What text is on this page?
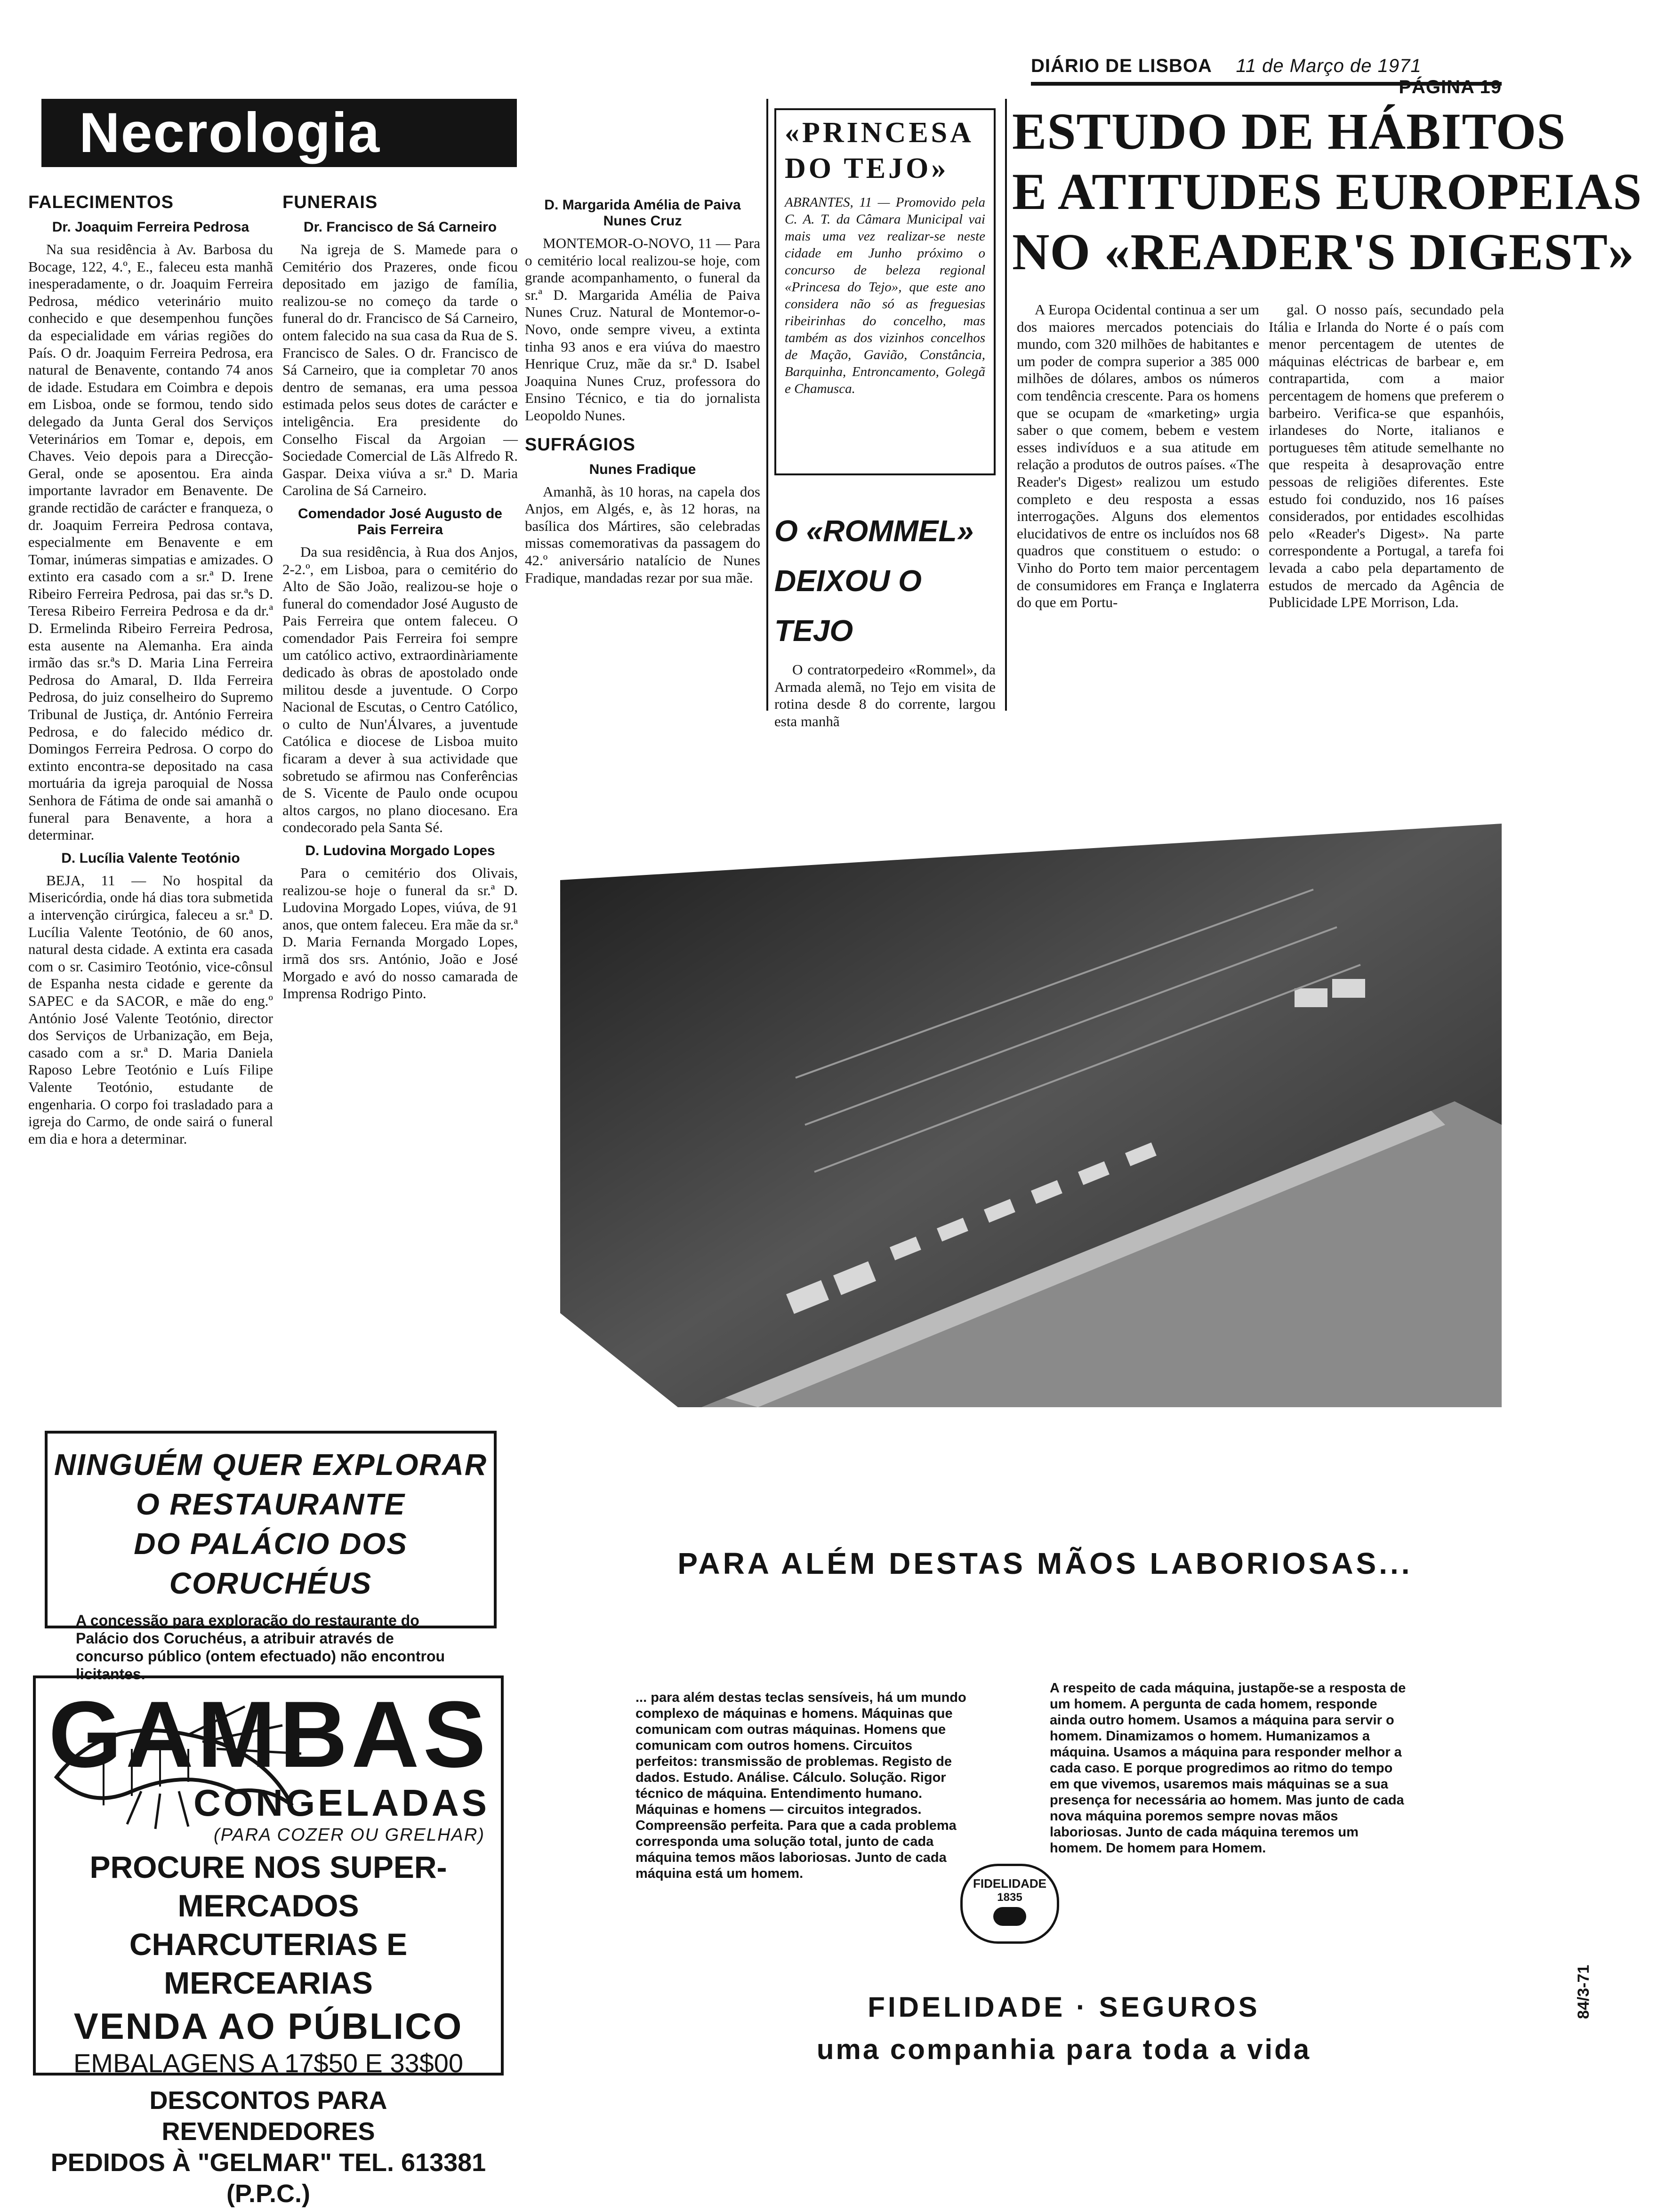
DIÁRIO DE LISBOA 11 de Março de 1971
PÁGINA 19
Necrologia
FALECIMENTOS
Dr. Joaquim Ferreira Pedrosa

Na sua residência à Av. Barbosa du Bocage, 122, 4.º, E., faleceu esta manhã inesperadamente, o dr. Joaquim Ferreira Pedrosa, médico veterinário muito conhecido e que desempenhou funções da especialidade em várias regiões do País. O dr. Joaquim Ferreira Pedrosa, era natural de Benavente, contando 74 anos de idade. Estudara em Coimbra e depois em Lisboa, onde se formou, tendo sido delegado da Junta Geral dos Serviços Veterinários em Tomar e, depois, em Chaves. Veio depois para a Direcção-Geral, onde se aposentou. Era ainda importante lavrador em Benavente. De grande rectidão de carácter e franqueza, o dr. Joaquim Ferreira Pedrosa contava, especialmente em Benavente e em Tomar, inúmeras simpatias e amizades. O extinto era casado com a sr.ª D. Irene Ribeiro Ferreira Pedrosa, pai das sr.ªs D. Teresa Ribeiro Ferreira Pedrosa e da dr.ª D. Ermelinda Ribeiro Ferreira Pedrosa, esta ausente na Alemanha. Era ainda irmão das sr.ªs D. Maria Lina Ferreira Pedrosa do Amaral, D. Ilda Ferreira Pedrosa, do juiz conselheiro do Supremo Tribunal de Justiça, dr. António Ferreira Pedrosa, e do falecido médico dr. Domingos Ferreira Pedrosa. O corpo do extinto encontra-se depositado na casa mortuária da igreja paroquial de Nossa Senhora de Fátima de onde sai amanhã o funeral para Benavente, a hora a determinar.

D. Lucília Valente Teotónio

BEJA, 11 — No hospital da Misericórdia, onde há dias tora submetida a intervenção cirúrgica, faleceu a sr.ª D. Lucília Valente Teotónio, de 60 anos, natural desta cidade. A extinta era casada com o sr. Casimiro Teotónio, vice-cônsul de Espanha nesta cidade e gerente da SAPEC e da SACOR, e mãe do eng.º António José Valente Teotónio, director dos Serviços de Urbanização, em Beja, casado com a sr.ª D. Maria Daniela Raposo Lebre Teotónio e Luís Filipe Valente Teotónio, estudante de engenharia. O corpo foi trasladado para a igreja do Carmo, de onde sairá o funeral em dia e hora a determinar.

FUNERAIS
Dr. Francisco de Sá Carneiro

Na igreja de S. Mamede para o Cemitério dos Prazeres, onde ficou depositado em jazigo de família, realizou-se no começo da tarde o funeral do dr. Francisco de Sá Carneiro, ontem falecido na sua casa da Rua de S. Francisco de Sales. O dr. Francisco de Sá Carneiro, que ia completar 70 anos dentro de semanas, era uma pessoa estimada pelos seus dotes de carácter e inteligência. Era presidente do Conselho Fiscal da Argoian — Sociedade Comercial de Lãs Alfredo R. Gaspar. Deixa viúva a sr.ª D. Maria Carolina de Sá Carneiro.

Comendador José Augusto de Pais Ferreira

Da sua residência, à Rua dos Anjos, 2-2.º, em Lisboa, para o cemitério do Alto de São João, realizou-se hoje o funeral do comendador José Augusto de Pais Ferreira que ontem faleceu. O comendador Pais Ferreira foi sempre um católico activo, extraordinàriamente dedicado às obras de apostolado onde militou desde a juventude. O Corpo Nacional de Escutas, o Centro Católico, o culto de Nun'Álvares, a juventude Católica e diocese de Lisboa muito ficaram a dever à sua actividade que sobretudo se afirmou nas Conferências de S. Vicente de Paulo onde ocupou altos cargos, no plano diocesano. Era condecorado pela Santa Sé.

D. Ludovina Morgado Lopes

Para o cemitério dos Olivais, realizou-se hoje o funeral da sr.ª D. Ludovina Morgado Lopes, viúva, de 91 anos, que ontem faleceu. Era mãe da sr.ª D. Maria Fernanda Morgado Lopes, irmã dos srs. António, João e José Morgado e avó do nosso camarada de Imprensa Rodrigo Pinto.

D. Margarida Amélia de Paiva Nunes Cruz

MONTEMOR-O-NOVO, 11 — Para o cemitério local realizou-se hoje, com grande acompanhamento, o funeral da sr.ª D. Margarida Amélia de Paiva Nunes Cruz. Natural de Montemor-o-Novo, onde sempre viveu, a extinta tinha 93 anos e era viúva do maestro Henrique Cruz, mãe da sr.ª D. Isabel Joaquina Nunes Cruz, professora do Ensino Técnico, e tia do jornalista Leopoldo Nunes.

SUFRÁGIOS
Nunes Fradique

Amanhã, às 10 horas, na capela dos Anjos, em Algés, e, às 12 horas, na basílica dos Mártires, são celebradas missas comemorativas da passagem do 42.º aniversário natalício de Nunes Fradique, mandadas rezar por sua mãe.

«PRINCESA DO TEJO»
ABRANTES, 11 — Promovido pela C. A. T. da Câmara Municipal vai mais uma vez realizar-se neste cidade em Junho próximo o concurso de beleza regional «Princesa do Tejo», que este ano considera não só as freguesias ribeirinhas do concelho, mas também as dos vizinhos concelhos de Mação, Gavião, Constância, Barquinha, Entroncamento, Golegã e Chamusca.
O «ROMMEL» DEIXOU O TEJO

O contratorpedeiro «Rommel», da Armada alemã, no Tejo em visita de rotina desde 8 do corrente, largou esta manhã

ESTUDO DE HÁBITOS
E ATITUDES EUROPEIAS
NO «READER'S DIGEST»

A Europa Ocidental continua a ser um dos maiores mercados potenciais do mundo, com 320 milhões de habitantes e um poder de compra superior a 385 000 milhões de dólares, ambos os números com tendência crescente. Para os homens que se ocupam de «marketing» urgia saber o que comem, bebem e vestem esses indivíduos e a sua atitude em relação a produtos de outros países. «The Reader's Digest» realizou um estudo completo e deu resposta a essas interrogações. Alguns dos elementos elucidativos de entre os incluídos nos 68 quadros que constituem o estudo: o Vinho do Porto tem maior percentagem de consumidores em França e Inglaterra do que em Portu-

gal. O nosso país, secundado pela Itália e Irlanda do Norte é o país com menor percentagem de utentes de máquinas eléctricas de barbear e, em contrapartida, com a maior percentagem de homens que preferem o barbeiro. Verifica-se que espanhóis, irlandeses do Norte, italianos e portugueses têm atitude semelhante no que respeita à desaprovação entre pessoas de religiões diferentes. Este estudo foi conduzido, nos 16 países considerados, por entidades escolhidas pelo «Reader's Digest». Na parte correspondente a Portugal, a tarefa foi levada a cabo pela departamento de estudos de mercado da Agência de Publicidade LPE Morrison, Lda.

NINGUÉM QUER EXPLORAR
O RESTAURANTE
DO PALÁCIO DOS CORUCHÉUS
A concessão para exploração do restaurante do Palácio dos Coruchéus, a atribuir através de concurso público (ontem efectuado) não encontrou licitantes.
GAMBAS
CONGELADAS
(PARA COZER OU GRELHAR)
PROCURE NOS SUPER-MERCADOS
CHARCUTERIAS E MERCEARIAS
VENDA AO PÚBLICO
EMBALAGENS A 17$50 E 33$00
DESCONTOS PARA REVENDEDORES
PEDIDOS À "GELMAR" TEL. 613381 (P.P.C.)
PARA ALÉM DESTAS MÃOS LABORIOSAS...
... para além destas teclas sensíveis, há um mundo complexo de máquinas e homens. Máquinas que comunicam com outras máquinas. Homens que comunicam com outros homens. Circuitos perfeitos: transmissão de problemas. Registo de dados. Estudo. Análise. Cálculo. Solução. Rigor técnico de máquina. Entendimento humano. Máquinas e homens — circuitos integrados. Compreensão perfeita. Para que a cada problema corresponda uma solução total, junto de cada máquina temos mãos laboriosas. Junto de cada máquina está um homem.
A respeito de cada máquina, justapõe-se a resposta de um homem. A pergunta de cada homem, responde ainda outro homem. Usamos a máquina para servir o homem. Dinamizamos o homem. Humanizamos a máquina. Usamos a máquina para responder melhor a cada caso. E porque progredimos ao ritmo do tempo em que vivemos, usaremos mais máquinas se a sua presença for necessária ao homem. Mas junto de cada nova máquina poremos sempre novas mãos laboriosas. Junto de cada máquina teremos um homem. De homem para Homem.
FIDELIDADE
1835
FIDELIDADE · SEGUROS
uma companhia para toda a vida
84/3-71
